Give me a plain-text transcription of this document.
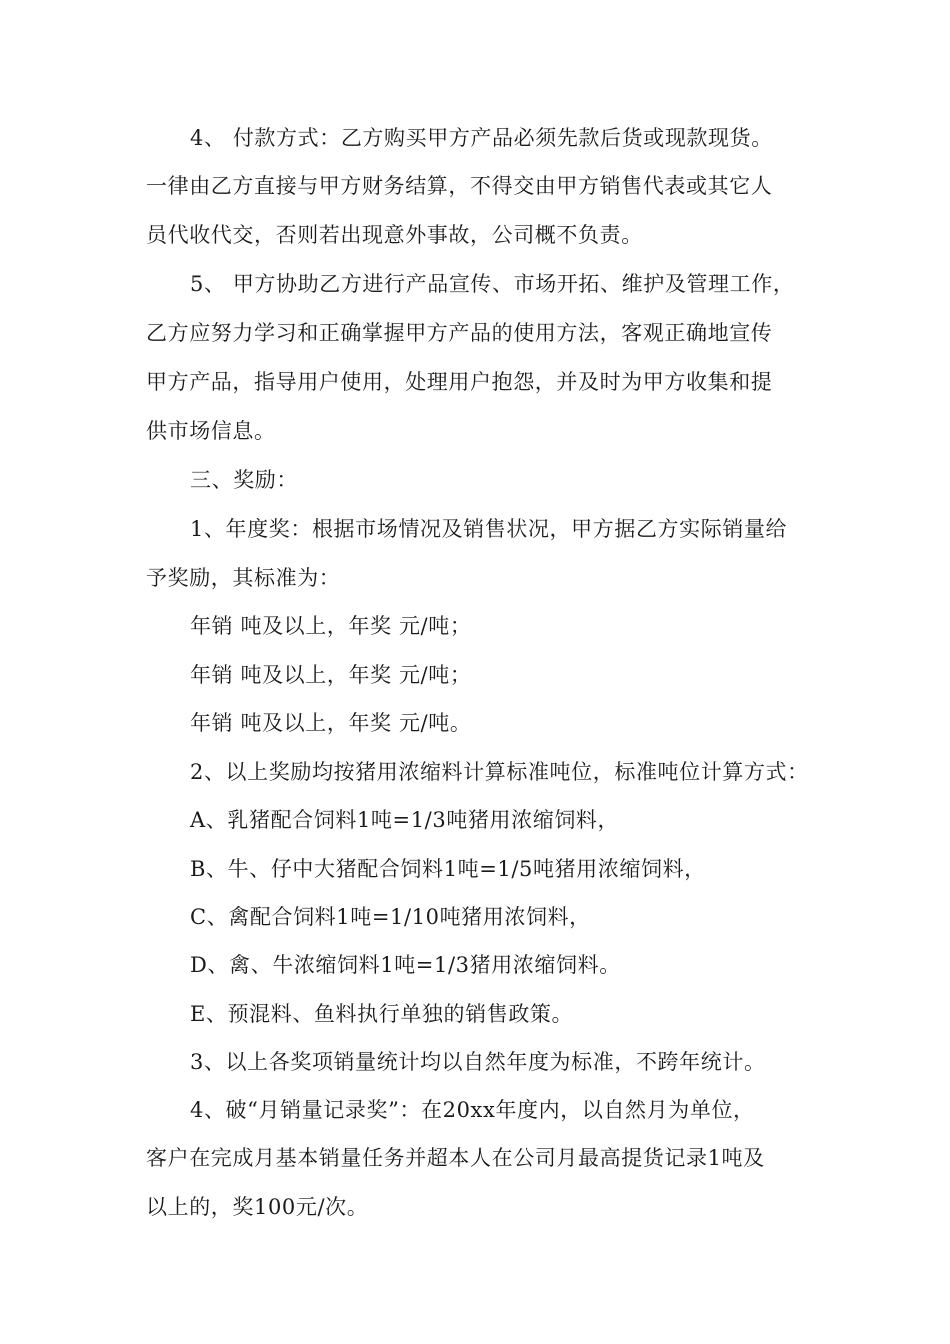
4、 付款方式：乙方购买甲方产品必须先款后货或现款现货。
一律由乙方直接与甲方财务结算，不得交由甲方销售代表或其它人
员代收代交，否则若出现意外事故，公司概不负责。
5、 甲方协助乙方进行产品宣传、市场开拓、维护及管理工作，
乙方应努力学习和正确掌握甲方产品的使用方法，客观正确地宣传
甲方产品，指导用户使用，处理用户抱怨，并及时为甲方收集和提
供市场信息。
三、奖励：
1、年度奖：根据市场情况及销售状况，甲方据乙方实际销量给
予奖励，其标准为：
年销 吨及以上，年奖 元/吨；
年销 吨及以上，年奖 元/吨；
年销 吨及以上，年奖 元/吨。
2、以上奖励均按猪用浓缩料计算标准吨位，标准吨位计算方式：
A、乳猪配合饲料1吨=1/3吨猪用浓缩饲料，
B、牛、仔中大猪配合饲料1吨=1/5吨猪用浓缩饲料，
C、禽配合饲料1吨=1/10吨猪用浓饲料，
D、禽、牛浓缩饲料1吨=1/3猪用浓缩饲料。
E、预混料、鱼料执行单独的销售政策。
3、以上各奖项销量统计均以自然年度为标准，不跨年统计。
4、破“月销量记录奖”：在20xx年度内，以自然月为单位，
客户在完成月基本销量任务并超本人在公司月最高提货记录1吨及
以上的，奖100元/次。
